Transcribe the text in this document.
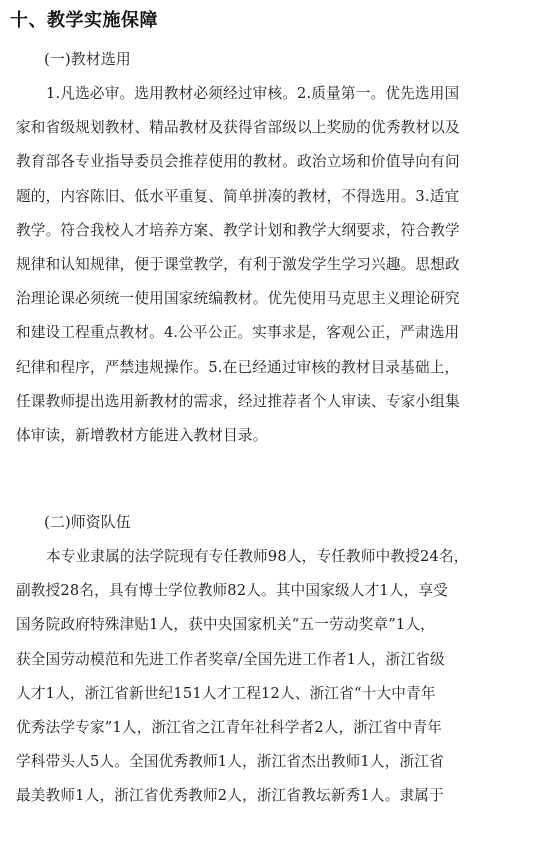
十、教学实施保障
(一)教材选用
1.凡选必审。选用教材必须经过审核。2.质量第一。优先选用国
家和省级规划教材、精品教材及获得省部级以上奖励的优秀教材以及
教育部各专业指导委员会推荐使用的教材。政治立场和价值导向有问
题的，内容陈旧、低水平重复、简单拼凑的教材，不得选用。3.适宜
教学。符合我校人才培养方案、教学计划和教学大纲要求，符合教学
规律和认知规律，便于课堂教学，有利于激发学生学习兴趣。思想政
治理论课必须统一使用国家统编教材。优先使用马克思主义理论研究
和建设工程重点教材。4.公平公正。实事求是，客观公正，严肃选用
纪律和程序，严禁违规操作。5.在已经通过审核的教材目录基础上，
任课教师提出选用新教材的需求，经过推荐者个人审读、专家小组集
体审读，新增教材方能进入教材目录。
(二)师资队伍
本专业隶属的法学院现有专任教师98人，专任教师中教授24名，
副教授28名，具有博士学位教师82人。其中国家级人才1人，享受
国务院政府特殊津贴1人，获中央国家机关“五一劳动奖章”1人，
获全国劳动模范和先进工作者奖章/全国先进工作者1人，浙江省级
人才1人，浙江省新世纪151人才工程12人、浙江省“十大中青年
优秀法学专家”1人，浙江省之江青年社科学者2人，浙江省中青年
学科带头人5人。全国优秀教师1人，浙江省杰出教师1人，浙江省
最美教师1人，浙江省优秀教师2人，浙江省教坛新秀1人。隶属于
